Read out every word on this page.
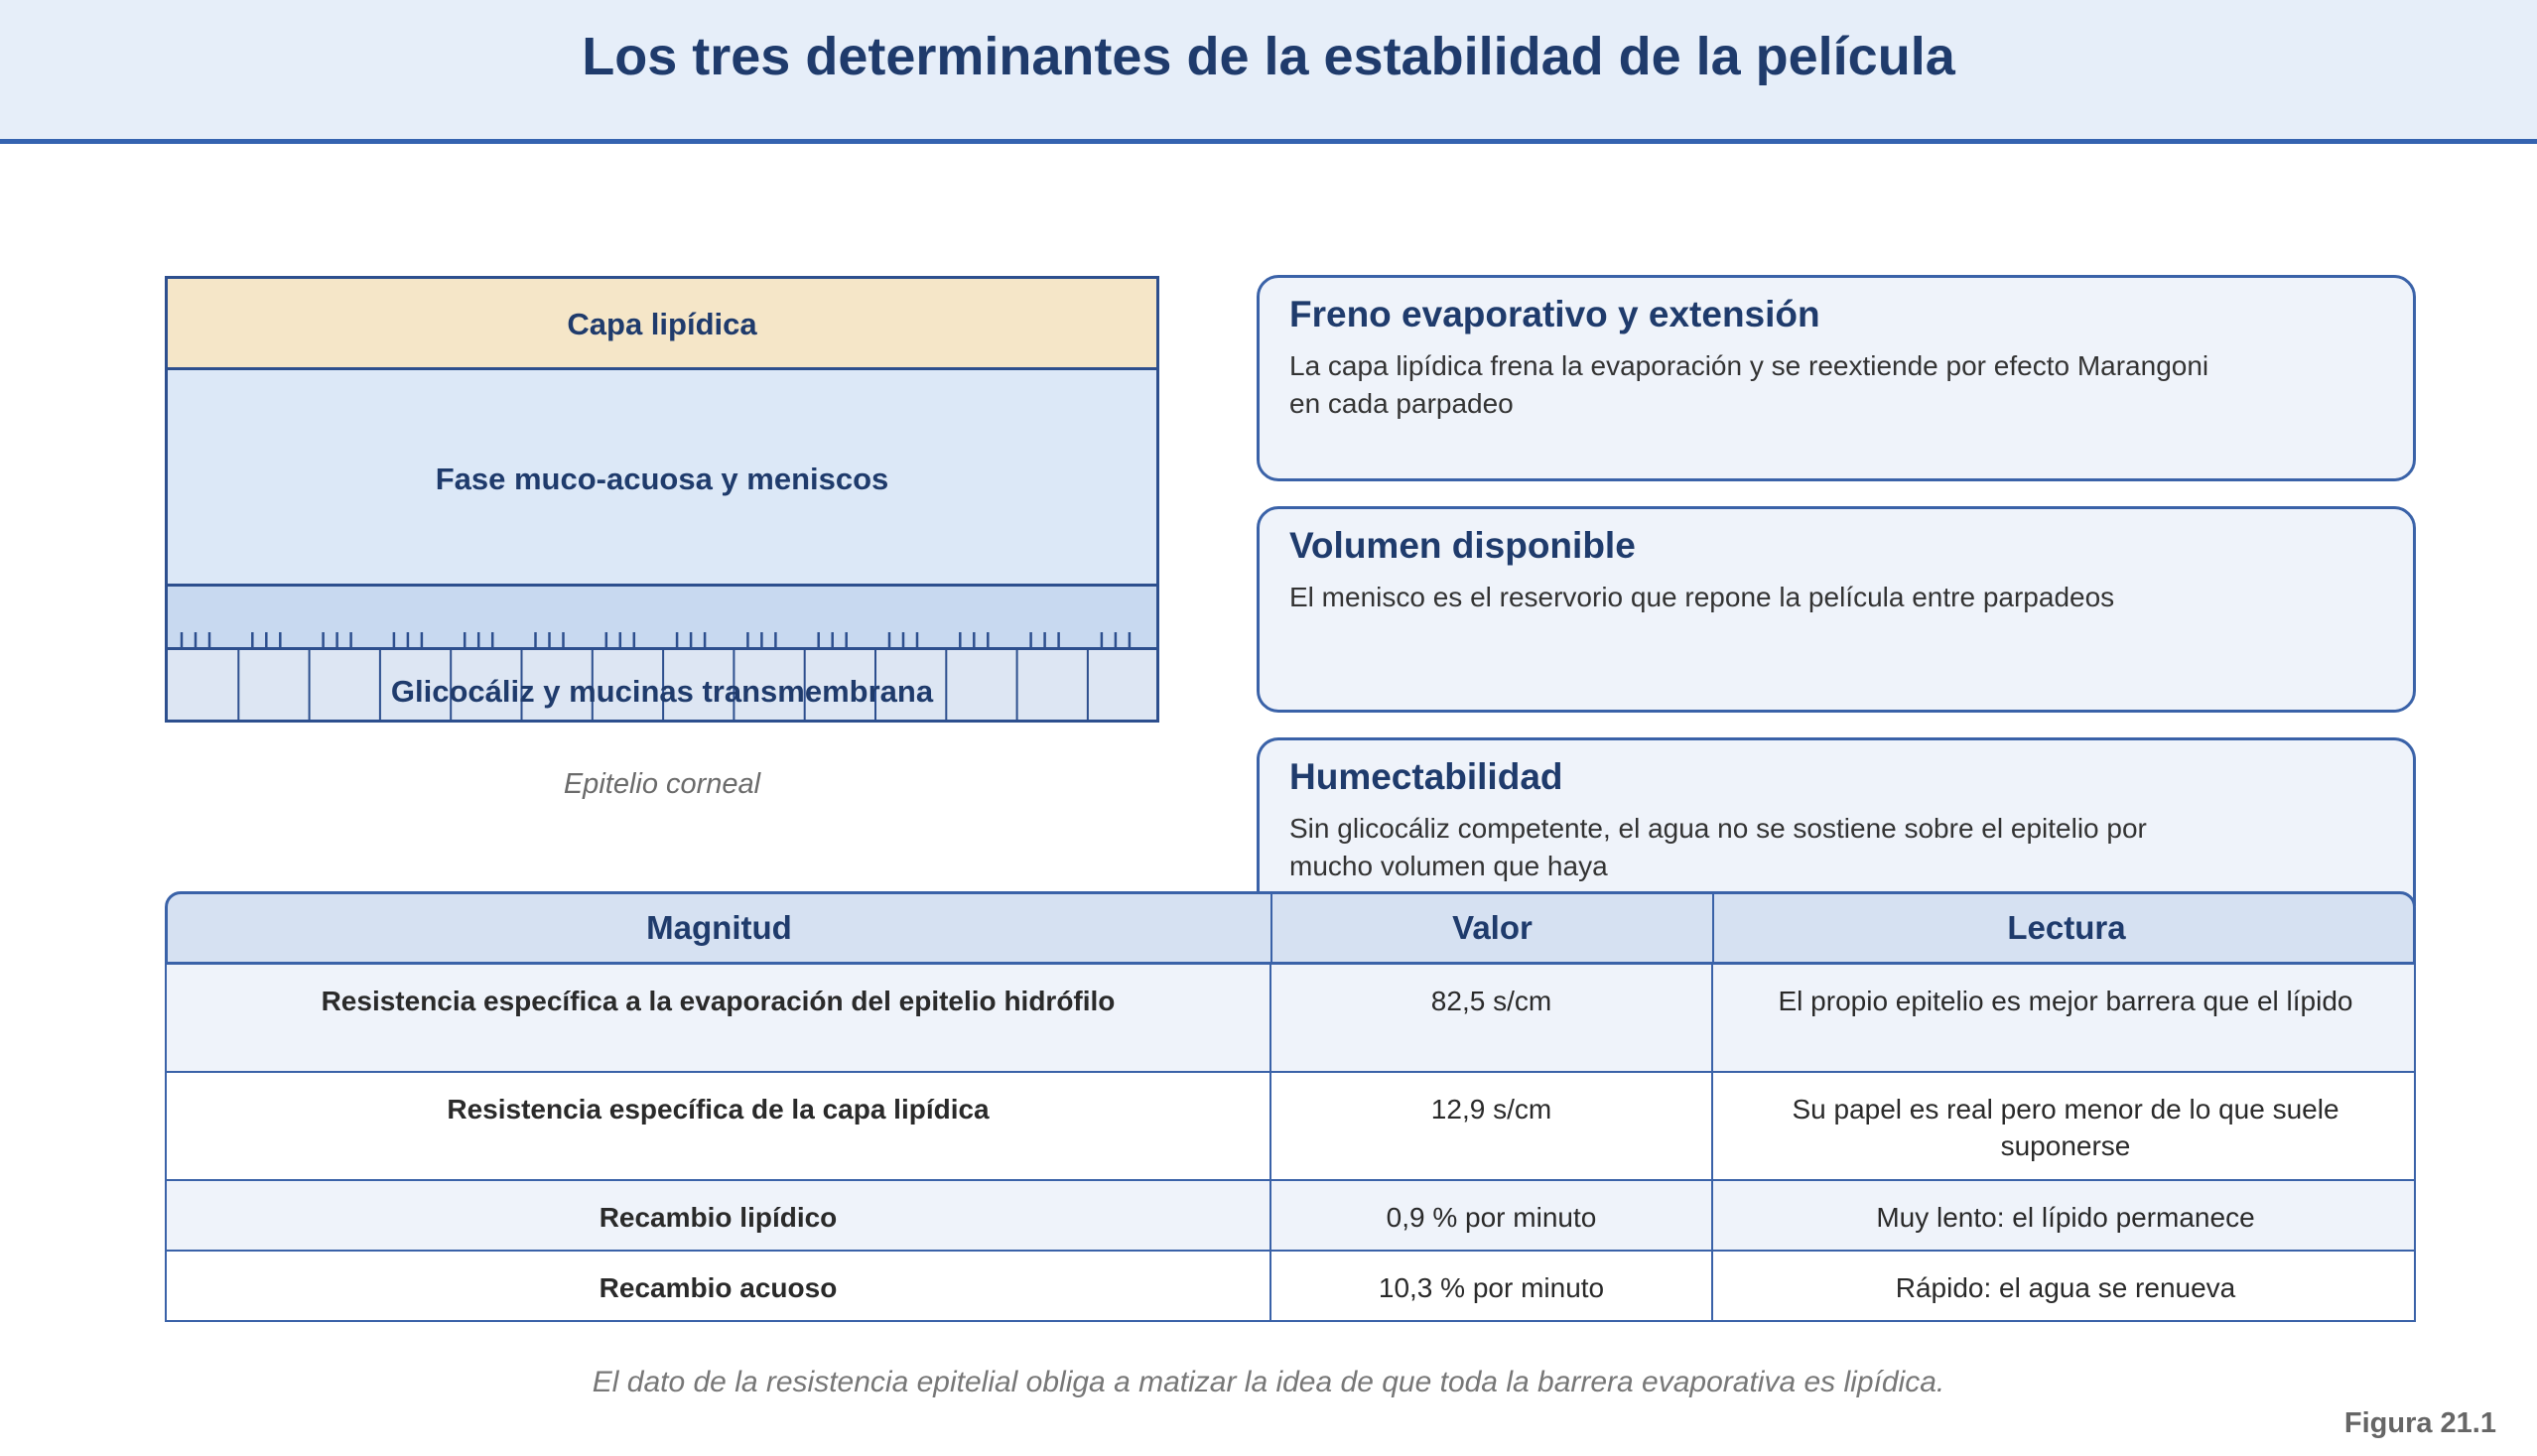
Los tres determinantes de la estabilidad de la película
Capa lipídica
Fase muco-acuosa y meniscos
Glicocáliz y mucinas transmembrana
Epitelio corneal
Freno evaporativo y extensión
La capa lipídica frena la evaporación y se reextiende por efecto Marangoni
en cada parpadeo
Volumen disponible
El menisco es el reservorio que repone la película entre parpadeos
Humectabilidad
Sin glicocáliz competente, el agua no se sostiene sobre el epitelio por
mucho volumen que haya
Magnitud	Valor	Lectura
Resistencia específica a la evaporación del epitelio hidrófilo	82,5 s/cm	El propio epitelio es mejor barrera que el lípido
Resistencia específica de la capa lipídica	12,9 s/cm	Su papel es real pero menor de lo que suele suponerse
Recambio lipídico	0,9 % por minuto	Muy lento: el lípido permanece
Recambio acuoso	10,3 % por minuto	Rápido: el agua se renueva
El dato de la resistencia epitelial obliga a matizar la idea de que toda la barrera evaporativa es lipídica.
Figura 21.1
